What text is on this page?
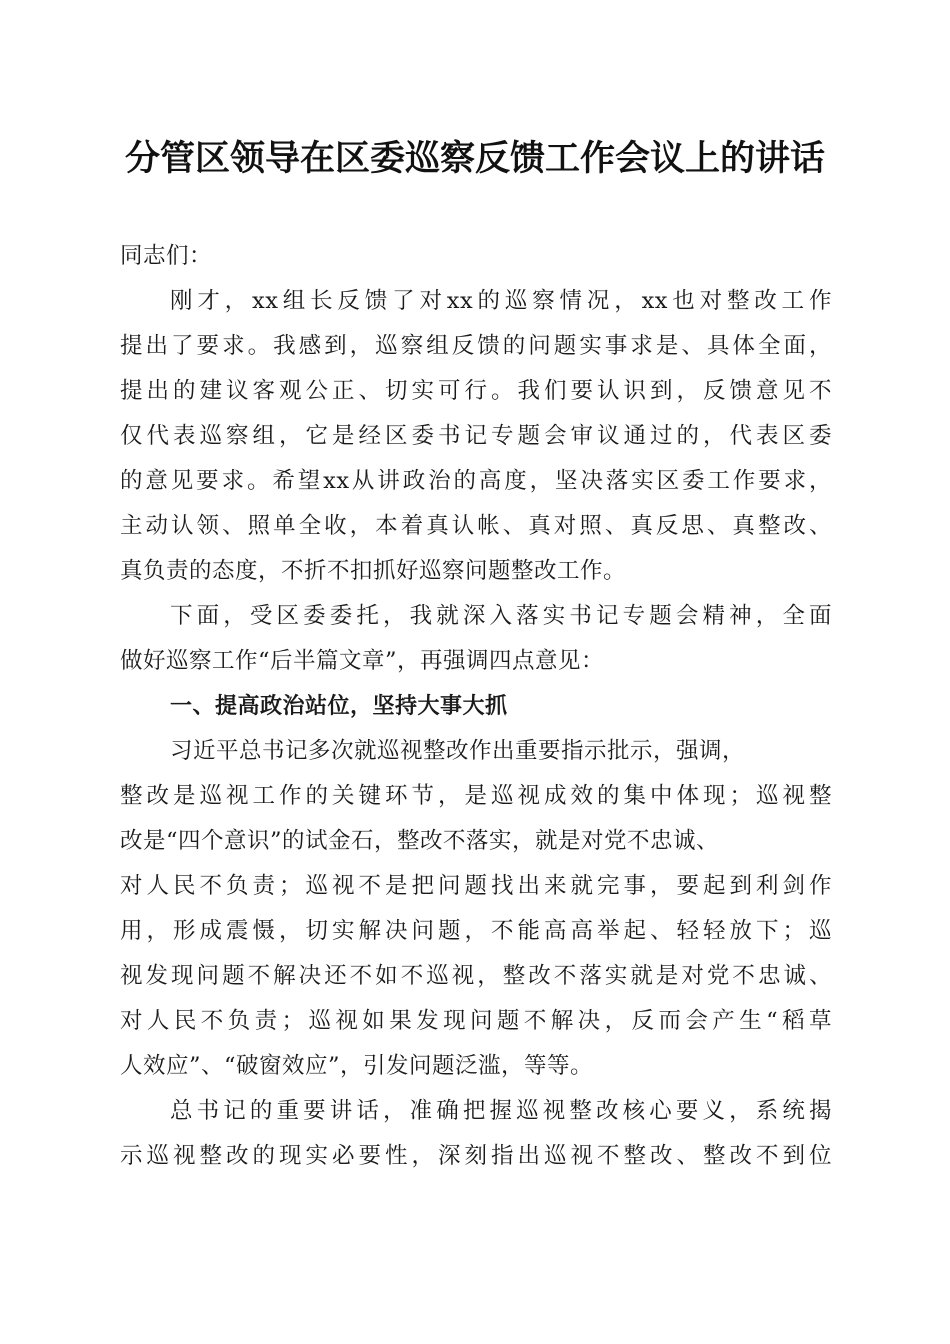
分管区领导在区委巡察反馈工作会议上的讲话
同志们：
刚才，xx组长反馈了对xx的巡察情况，xx也对整改工作
提出了要求。我感到，巡察组反馈的问题实事求是、具体全面，
提出的建议客观公正、切实可行。我们要认识到，反馈意见不
仅代表巡察组，它是经区委书记专题会审议通过的，代表区委
的意见要求。希望xx从讲政治的高度，坚决落实区委工作要求，
主动认领、照单全收，本着真认帐、真对照、真反思、真整改、
真负责的态度，不折不扣抓好巡察问题整改工作。
下面，受区委委托，我就深入落实书记专题会精神，全面
做好巡察工作“后半篇文章”，再强调四点意见：
一、提高政治站位，坚持大事大抓
习近平总书记多次就巡视整改作出重要指示批示，强调，
整改是巡视工作的关键环节，是巡视成效的集中体现；巡视整
改是“四个意识”的试金石，整改不落实，就是对党不忠诚、
对人民不负责；巡视不是把问题找出来就完事，要起到利剑作
用，形成震慑，切实解决问题，不能高高举起、轻轻放下；巡
视发现问题不解决还不如不巡视，整改不落实就是对党不忠诚、
对人民不负责；巡视如果发现问题不解决，反而会产生“稻草
人效应”、“破窗效应”，引发问题泛滥，等等。
总书记的重要讲话，准确把握巡视整改核心要义，系统揭
示巡视整改的现实必要性，深刻指出巡视不整改、整改不到位
